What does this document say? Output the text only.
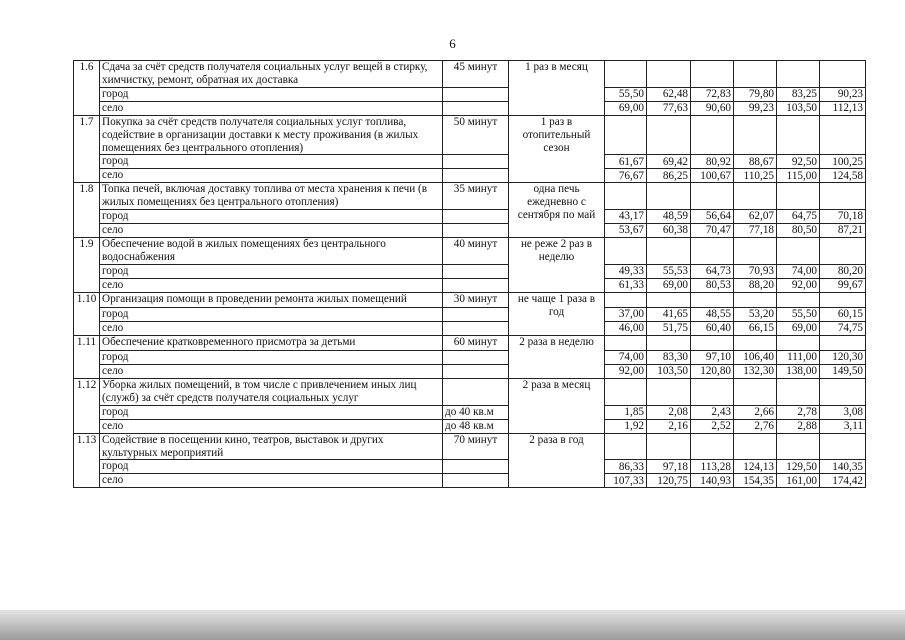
6
1.6	Сдача за счёт средств получателя социальных услуг вещей в стирку, химчистку, ремонт, обратная их доставка	45 минут	1 раз в месяц						
	город			55,50	62,48	72,83	79,80	83,25	90,23
	село			69,00	77,63	90,60	99,23	103,50	112,13
1.7	Покупка за счёт средств получателя социальных услуг топлива, содействие в организации доставки к месту проживания (в жилых помещениях без центрального отопления)	50 минут	1 раз в отопительный сезон						
	город			61,67	69,42	80,92	88,67	92,50	100,25
	село			76,67	86,25	100,67	110,25	115,00	124,58
1.8	Топка печей, включая доставку топлива от места хранения к печи (в жилых помещениях без центрального отопления)	35 минут	одна печь ежедневно с сентября по май						
	город			43,17	48,59	56,64	62,07	64,75	70,18
	село			53,67	60,38	70,47	77,18	80,50	87,21
1.9	Обеспечение водой в жилых помещениях без центрального водоснабжения	40 минут	не реже 2 раз в неделю						
	город			49,33	55,53	64,73	70,93	74,00	80,20
	село			61,33	69,00	80,53	88,20	92,00	99,67
1.10	Организация помощи в проведении ремонта жилых помещений	30 минут	не чаще 1 раза в год						
	город			37,00	41,65	48,55	53,20	55,50	60,15
	село			46,00	51,75	60,40	66,15	69,00	74,75
1.11	Обеспечение кратковременного присмотра за детьми	60 минут	2 раза в неделю						
	город			74,00	83,30	97,10	106,40	111,00	120,30
	село			92,00	103,50	120,80	132,30	138,00	149,50
1.12	Уборка жилых помещений, в том числе с привлечением иных лиц (служб) за счёт средств получателя социальных услуг		2 раза в месяц						
	город	до 40 кв.м		1,85	2,08	2,43	2,66	2,78	3,08
	село	до 48 кв.м		1,92	2,16	2,52	2,76	2,88	3,11
1.13	Содействие в посещении кино, театров, выставок и других культурных мероприятий	70 минут	2 раза в год						
	город			86,33	97,18	113,28	124,13	129,50	140,35
	село			107,33	120,75	140,93	154,35	161,00	174,42
